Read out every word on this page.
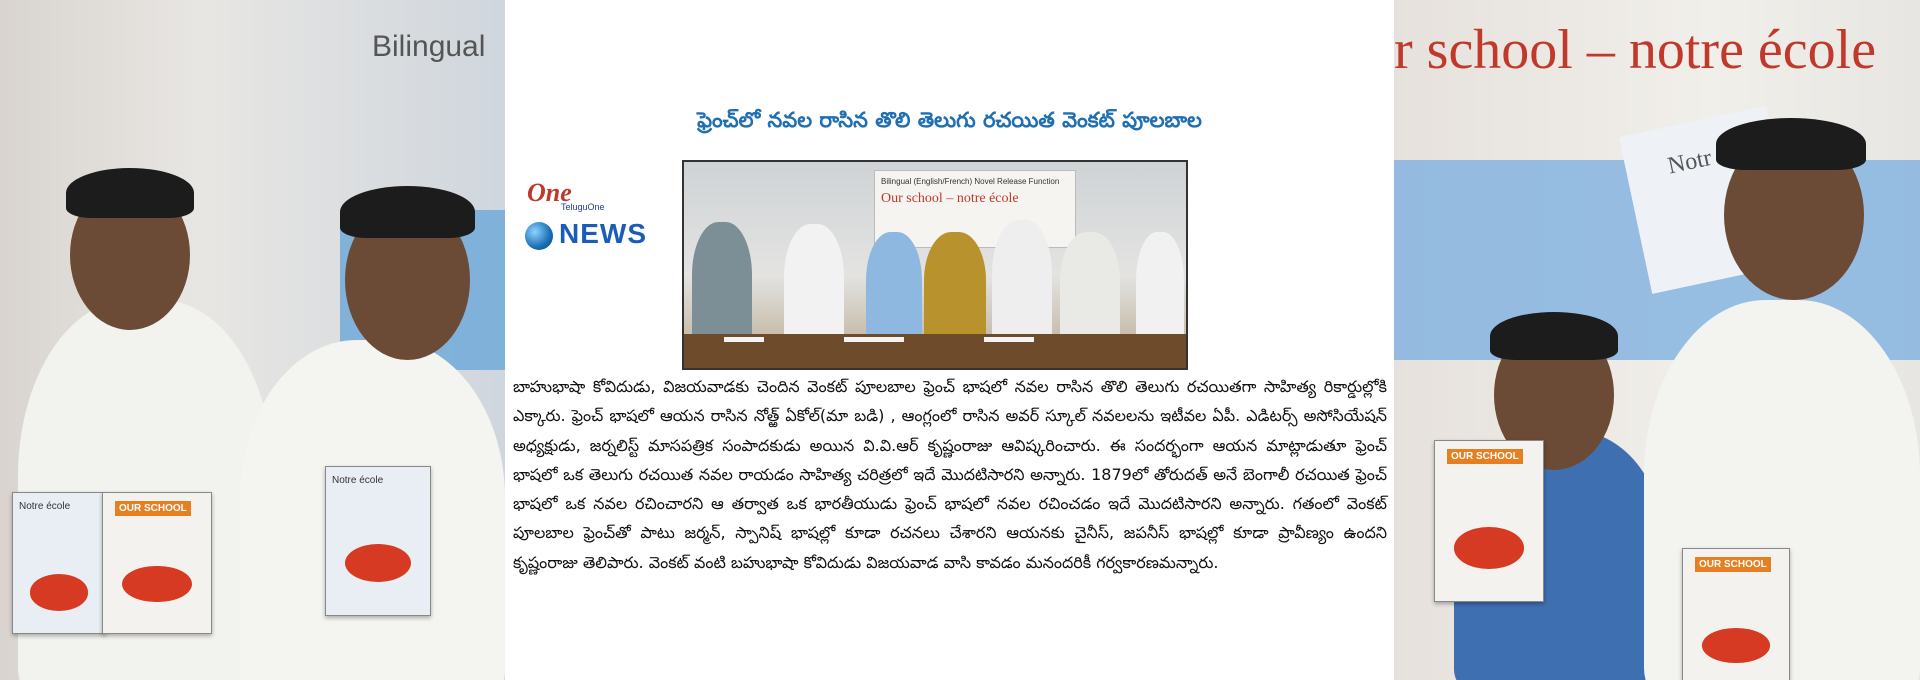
Bilingual
Notre école	OUR SCHOOL
Notre école
ఫ్రెంచ్‌లో నవల రాసిన తొలి తెలుగు రచయిత వెంకట్ పూలబాల
One
TeluguOne
NEWS
Bilingual (English/French) Novel Release Function
Our school – notre école
బాహుభాషా కోవిదుడు, విజయవాడకు చెందిన వెంకట్ పూలబాల ఫ్రెంచ్ భాషలో నవల రాసిన తొలి తెలుగు రచయితగా సాహిత్య రికార్డుల్లోకి ఎక్కారు. ఫ్రెంచ్ భాషలో ఆయన రాసిన నోత్ఱ్ ఏకోల్(మా బడి) , ఆంగ్లంలో రాసిన అవర్ స్కూల్ నవలలను ఇటీవల ఏపీ. ఎడిటర్స్ అసోసియేషన్ అధ్యక్షుడు, జర్నలిస్ట్ మాసపత్రిక సంపాదకుడు అయిన వి.వి.ఆర్ కృష్ణంరాజు ఆవిష్కరించారు. ఈ సందర్భంగా ఆయన మాట్లాడుతూ ఫ్రెంచ్ భాషలో ఒక తెలుగు రచయిత నవల రాయడం సాహిత్య చరిత్రలో ఇదే మొదటిసారని అన్నారు. 1879లో తోరుదత్ అనే బెంగాలీ రచయిత ఫ్రెంచ్ భాషలో ఒక నవల రచించారని ఆ తర్వాత ఒక భారతీయుడు ఫ్రెంచ్ భాషలో నవల రచించడం ఇదే మొదటిసారని అన్నారు. గతంలో వెంకట్ పూలబాల ఫ్రెంచ్‌తో పాటు జర్మన్, స్పానిష్ భాషల్లో కూడా రచనలు చేశారని ఆయనకు చైనీస్, జపనీస్ భాషల్లో కూడా ప్రావీణ్యం ఉందని కృష్ణంరాజు తెలిపారు. వెంకట్ వంటి బహుభాషా కోవిదుడు విజయవాడ వాసి కావడం మనందరికీ గర్వకారణమన్నారు.
r school – notre école
Notr
OUR SCHOOL
OUR SCHOOL
